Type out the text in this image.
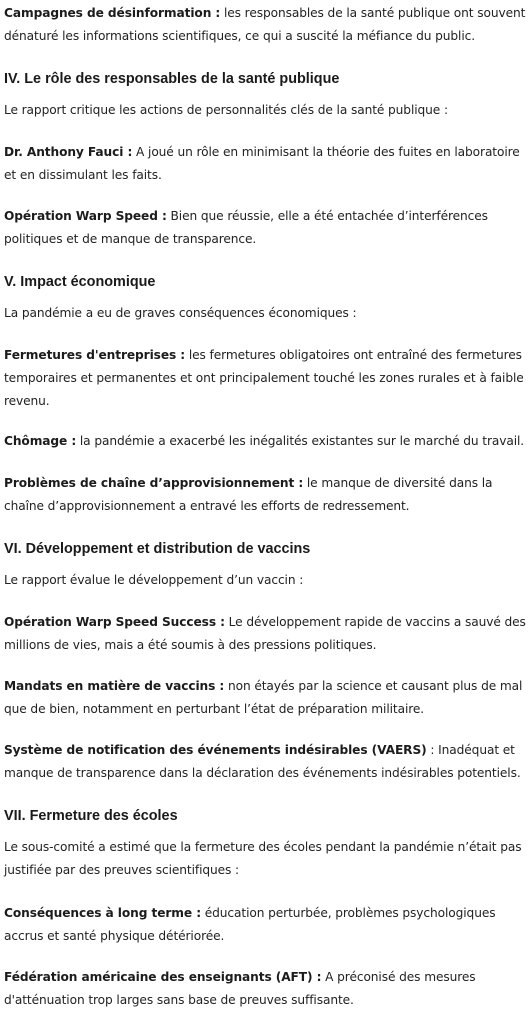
Campagnes de désinformation : les responsables de la santé publique ont souvent dénaturé les informations scientifiques, ce qui a suscité la méfiance du public.

IV. Le rôle des responsables de la santé publique

Le rapport critique les actions de personnalités clés de la santé publique :

Dr. Anthony Fauci : A joué un rôle en minimisant la théorie des fuites en laboratoire et en dissimulant les faits.

Opération Warp Speed : Bien que réussie, elle a été entachée d’interférences politiques et de manque de transparence.

V. Impact économique

La pandémie a eu de graves conséquences économiques :

Fermetures d'entreprises : les fermetures obligatoires ont entraîné des fermetures temporaires et permanentes et ont principalement touché les zones rurales et à faible revenu.

Chômage : la pandémie a exacerbé les inégalités existantes sur le marché du travail.

Problèmes de chaîne d’approvisionnement : le manque de diversité dans la chaîne d’approvisionnement a entravé les efforts de redressement.

VI. Développement et distribution de vaccins

Le rapport évalue le développement d’un vaccin :

Opération Warp Speed Success : Le développement rapide de vaccins a sauvé des millions de vies, mais a été soumis à des pressions politiques.

Mandats en matière de vaccins : non étayés par la science et causant plus de mal que de bien, notamment en perturbant l’état de préparation militaire.

Système de notification des événements indésirables (VAERS) : Inadéquat et manque de transparence dans la déclaration des événements indésirables potentiels.

VII. Fermeture des écoles

Le sous-comité a estimé que la fermeture des écoles pendant la pandémie n’était pas justifiée par des preuves scientifiques :

Conséquences à long terme : éducation perturbée, problèmes psychologiques accrus et santé physique détériorée.

Fédération américaine des enseignants (AFT) : A préconisé des mesures d'atténuation trop larges sans base de preuves suffisante.
